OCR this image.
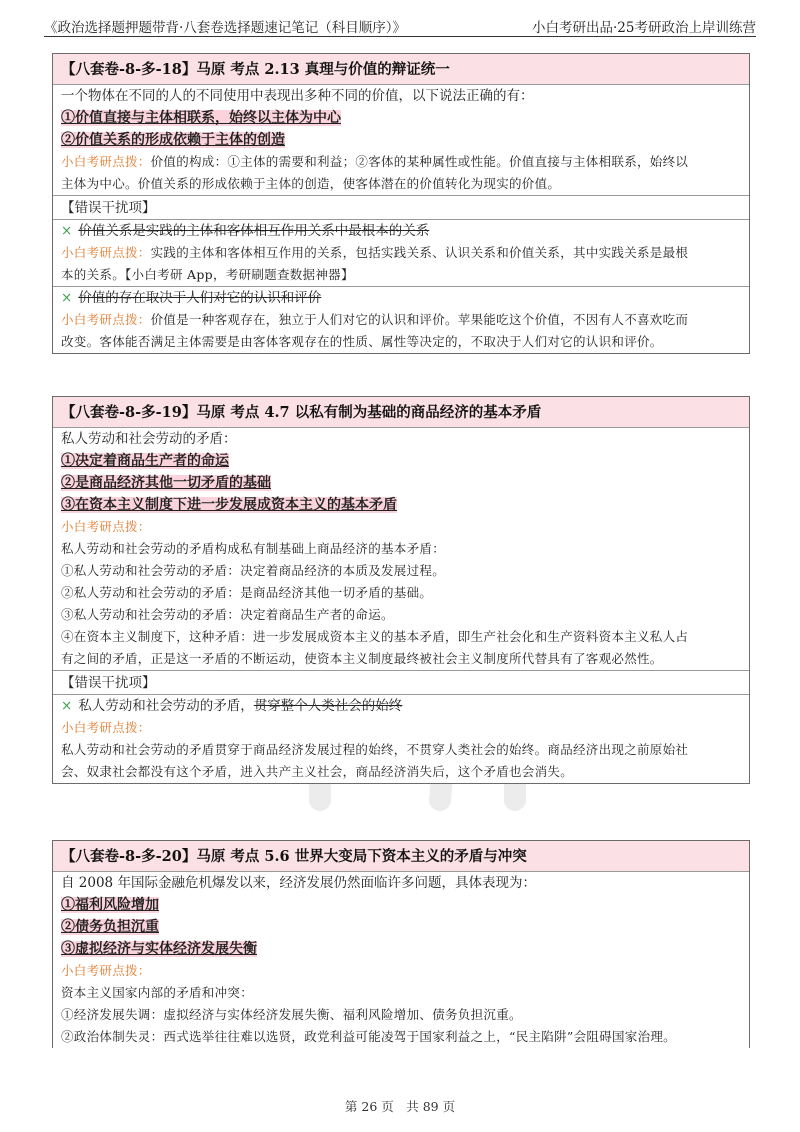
《政治选择题押题带背·八套卷选择题速记笔记（科目顺序）》	小白考研出品·25考研政治上岸训练营
【八套卷-8-多-18】马原 考点 2.13 真理与价值的辩证统一
一个物体在不同的人的不同使用中表现出多种不同的价值，以下说法正确的有：
①价值直接与主体相联系，始终以主体为中心
②价值关系的形成依赖于主体的创造
小白考研点拨：价值的构成：①主体的需要和利益；②客体的某种属性或性能。价值直接与主体相联系，始终以
主体为中心。价值关系的形成依赖于主体的创造，使客体潜在的价值转化为现实的价值。
【错误干扰项】
× 价值关系是实践的主体和客体相互作用关系中最根本的关系
小白考研点拨：实践的主体和客体相互作用的关系，包括实践关系、认识关系和价值关系，其中实践关系是最根
本的关系。【小白考研 App，考研刷题查数据神器】
× 价值的存在取决于人们对它的认识和评价
小白考研点拨：价值是一种客观存在，独立于人们对它的认识和评价。苹果能吃这个价值，不因有人不喜欢吃而
改变。客体能否满足主体需要是由客体客观存在的性质、属性等决定的，不取决于人们对它的认识和评价。
【八套卷-8-多-19】马原 考点 4.7 以私有制为基础的商品经济的基本矛盾
私人劳动和社会劳动的矛盾：
①决定着商品生产者的命运
②是商品经济其他一切矛盾的基础
③在资本主义制度下进一步发展成资本主义的基本矛盾
小白考研点拨：
私人劳动和社会劳动的矛盾构成私有制基础上商品经济的基本矛盾：
①私人劳动和社会劳动的矛盾：决定着商品经济的本质及发展过程。
②私人劳动和社会劳动的矛盾：是商品经济其他一切矛盾的基础。
③私人劳动和社会劳动的矛盾：决定着商品生产者的命运。
④在资本主义制度下，这种矛盾：进一步发展成资本主义的基本矛盾，即生产社会化和生产资料资本主义私人占
有之间的矛盾，正是这一矛盾的不断运动，使资本主义制度最终被社会主义制度所代替具有了客观必然性。
【错误干扰项】
× 私人劳动和社会劳动的矛盾，贯穿整个人类社会的始终
小白考研点拨：
私人劳动和社会劳动的矛盾贯穿于商品经济发展过程的始终，不贯穿人类社会的始终。商品经济出现之前原始社
会、奴隶社会都没有这个矛盾，进入共产主义社会，商品经济消失后，这个矛盾也会消失。
【八套卷-8-多-20】马原 考点 5.6 世界大变局下资本主义的矛盾与冲突
自 2008 年国际金融危机爆发以来，经济发展仍然面临许多问题，具体表现为：
①福利风险增加
②债务负担沉重
③虚拟经济与实体经济发展失衡
小白考研点拨：
资本主义国家内部的矛盾和冲突：
①经济发展失调：虚拟经济与实体经济发展失衡、福利风险增加、债务负担沉重。
②政治体制失灵：西式选举往往难以选贤，政党利益可能凌驾于国家利益之上，“民主陷阱”会阻碍国家治理。
第 26 页　共 89 页
